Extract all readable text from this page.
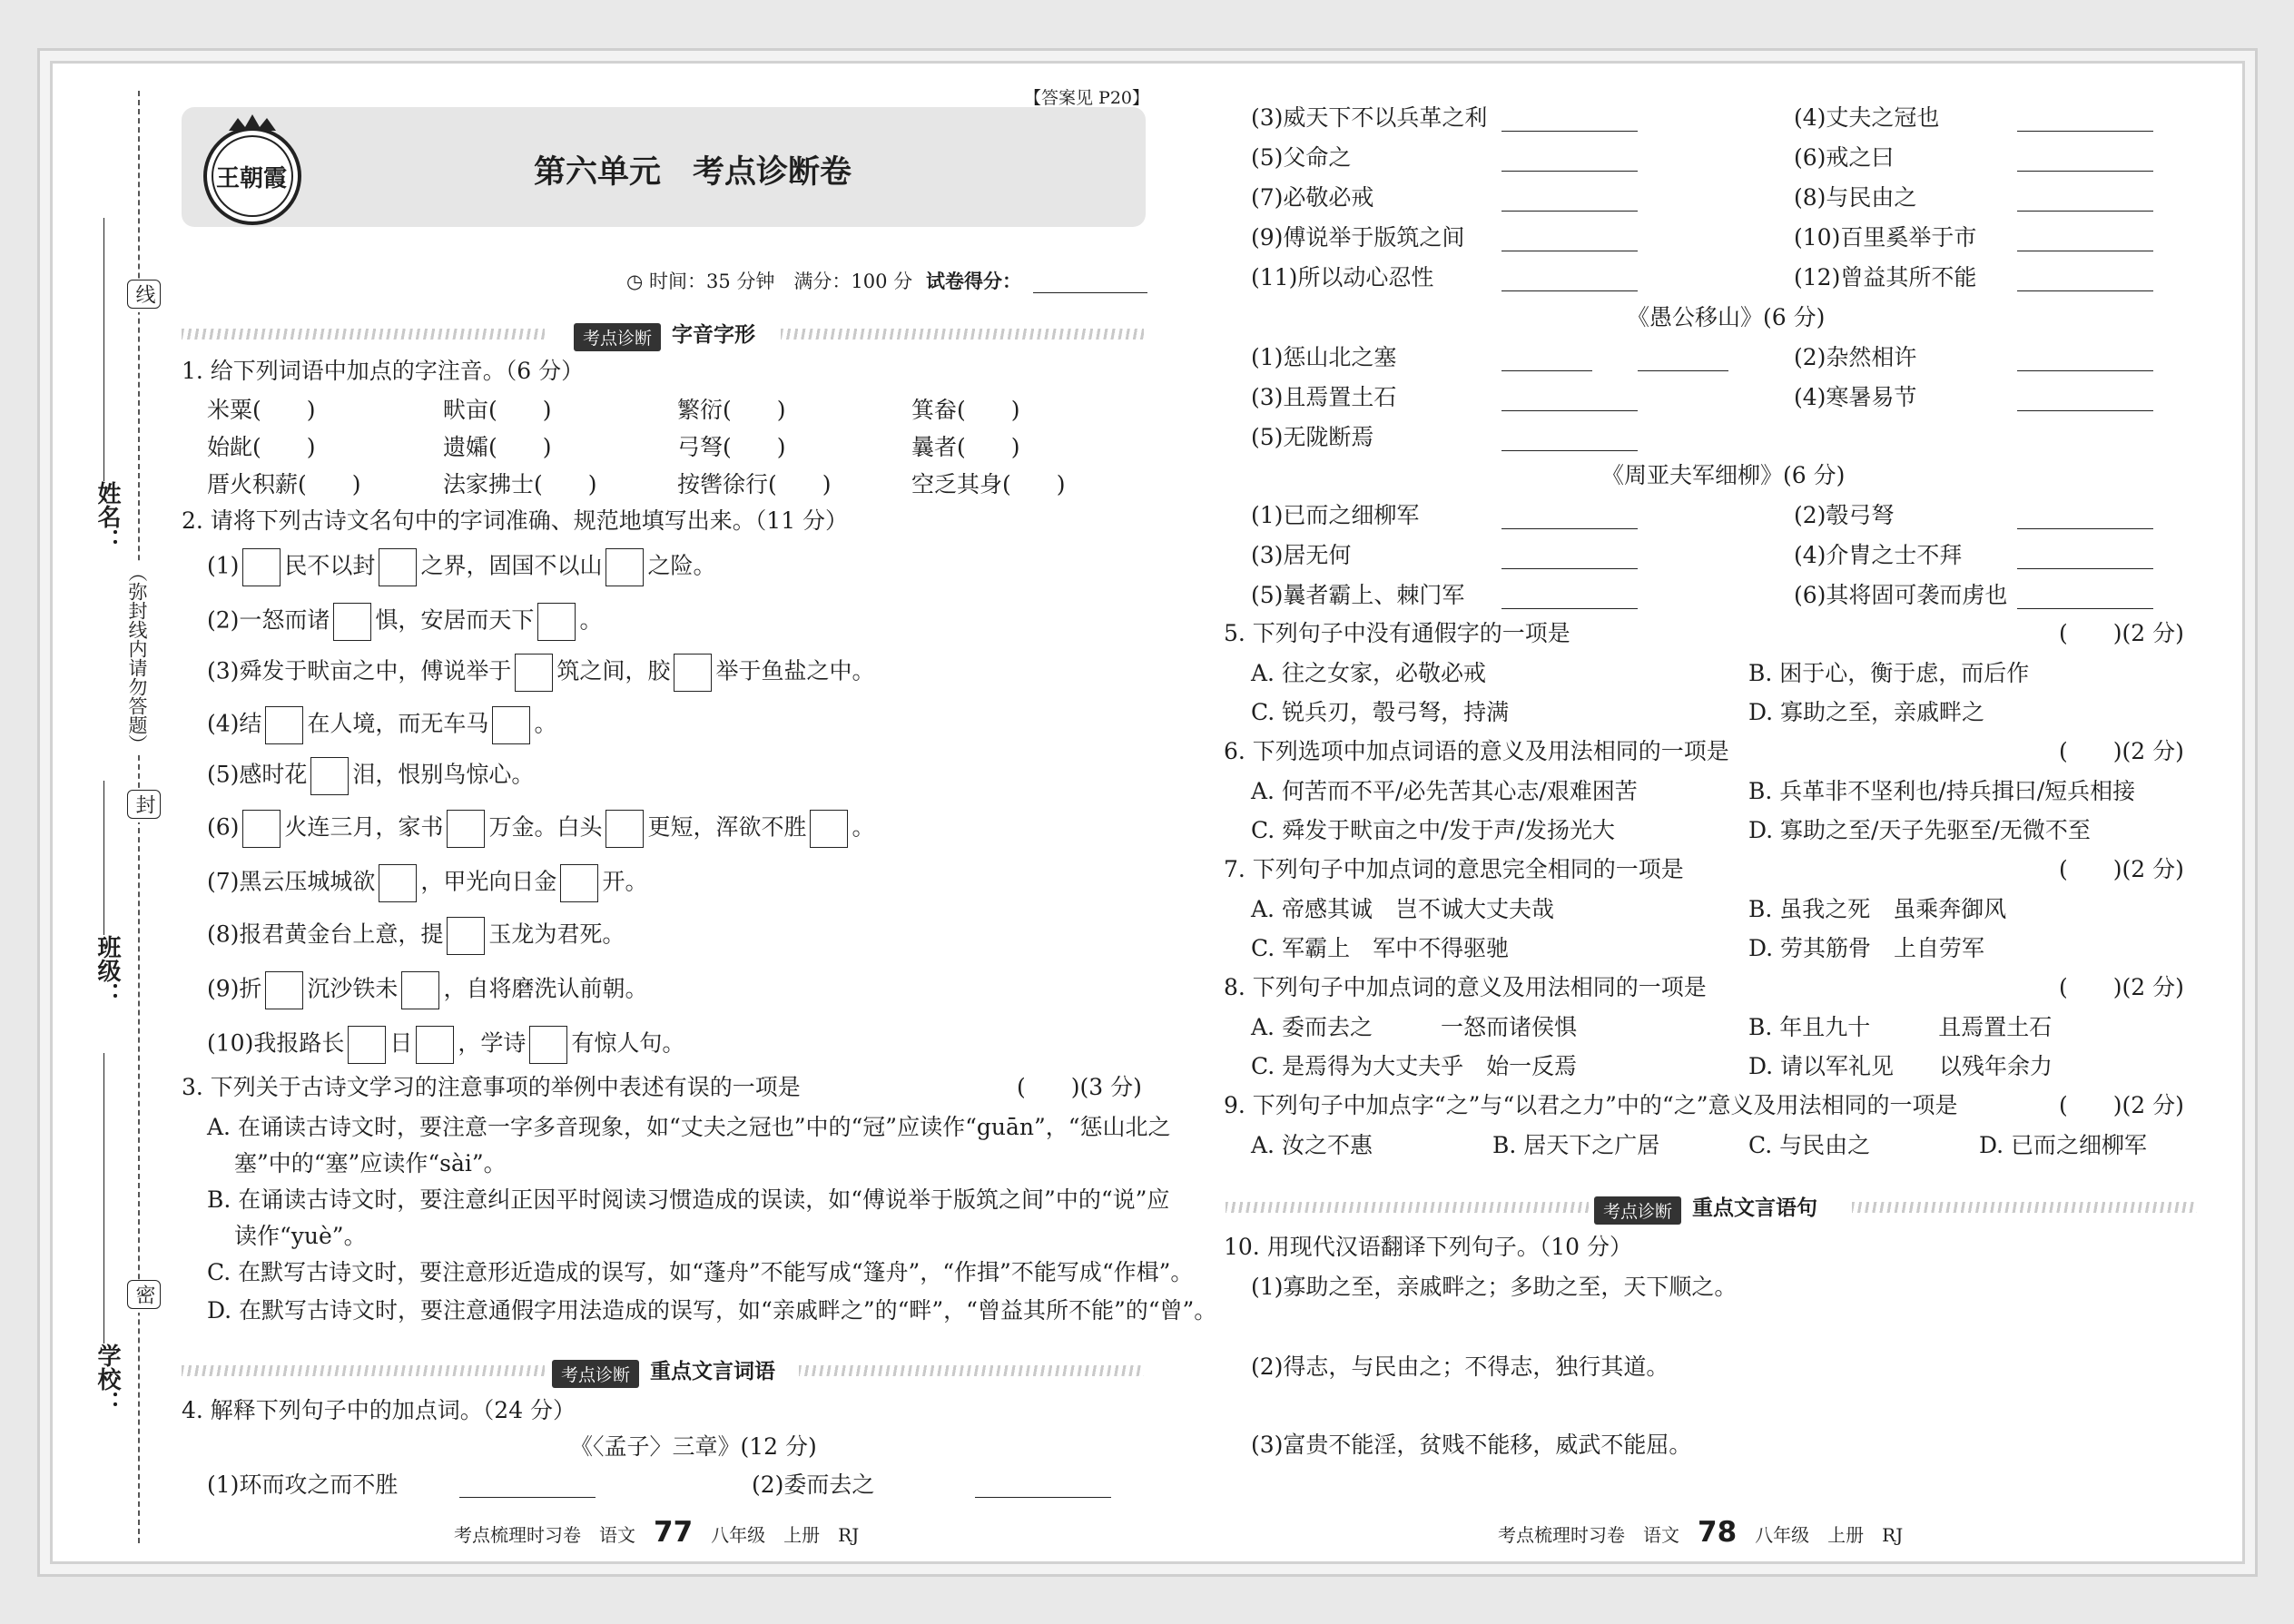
姓名：
班级：
学校：
线
（弥封线内请勿答题）
封
密
王朝霞
【答案见 P20】
第六单元　考点诊断卷
◷ 时间：35 分钟　满分：100 分 试卷得分：
考点诊断 字音字形
1. 给下列词语中加点的字注音。（6 分）
2. 请将下列古诗文名句中的字词准确、规范地填写出来。（11 分）
3. 下列关于古诗文学习的注意事项的举例中表述有误的一项是	(　　)(3 分)
A. 在诵读古诗文时，要注意一字多音现象，如“丈夫之冠也”中的“冠”应读作“guān”，“惩山北之
塞”中的“塞”应读作“sài”。
B. 在诵读古诗文时，要注意纠正因平时阅读习惯造成的误读，如“傅说举于版筑之间”中的“说”应
读作“yuè”。
C. 在默写古诗文时，要注意形近造成的误写，如“蓬舟”不能写成“篷舟”，“作揖”不能写成“作楫”。
D. 在默写古诗文时，要注意通假字用法造成的误写，如“亲戚畔之”的“畔”，“曾益其所不能”的“曾”。
考点诊断 重点文言词语
4. 解释下列句子中的加点词。（24 分）
《〈孟子〉三章》(12 分)
考点诊断 重点文言语句
10. 用现代汉语翻译下列句子。（10 分）
考点梳理时习卷　语文　 77　 八年级　上册　RJ	考点梳理时习卷　语文　 78　 八年级　上册　RJ
米粟(　　)	畎亩(　　)	繁衍(　　)	箕畚(　　)
始龀(　　)	遗孀(　　)	弓弩(　　)	曩者(　　)
厝火积薪(　　)	法家拂士(　　)	按辔徐行(　　)	空乏其身(　　)
(1) 民不以封 之界，固国不以山 之险。
(2)一怒而诸 惧，安居而天下 。
(3)舜发于畎亩之中，傅说举于 筑之间，胶 举于鱼盐之中。
(4)结 在人境，而无车马 。
(5)感时花 泪，恨别鸟惊心。
(6) 火连三月，家书 万金。白头 更短，浑欲不胜 。
(7)黑云压城城欲 ，甲光向日金 开。
(8)报君黄金台上意，提 玉龙为君死。
(9)折 沉沙铁未 ，自将磨洗认前朝。
(10)我报路长 日 ，学诗 有惊人句。
(1)环而攻之而不胜	(2)委而去之
(3)威天下不以兵革之利	(4)丈夫之冠也
(5)父命之	(6)戒之曰
(7)必敬必戒	(8)与民由之
(9)傅说举于版筑之间	(10)百里奚举于市
(11)所以动心忍性	(12)曾益其所不能
《愚公移山》(6 分)
(1)惩山北之塞	(2)杂然相许
(3)且焉置土石	(4)寒暑易节
(5)无陇断焉
《周亚夫军细柳》(6 分)
(1)已而之细柳军	(2)彀弓弩
(3)居无何	(4)介胄之士不拜
(5)曩者霸上、棘门军	(6)其将固可袭而虏也
5. 下列句子中没有通假字的一项是	(　　)(2 分)
A. 往之女家，必敬必戒	B. 困于心，衡于虑，而后作
C. 锐兵刃，彀弓弩，持满	D. 寡助之至，亲戚畔之
6. 下列选项中加点词语的意义及用法相同的一项是	(　　)(2 分)
A. 何苦而不平/必先苦其心志/艰难困苦	B. 兵革非不坚利也/持兵揖曰/短兵相接
C. 舜发于畎亩之中/发于声/发扬光大	D. 寡助之至/天子先驱至/无微不至
7. 下列句子中加点词的意思完全相同的一项是	(　　)(2 分)
A. 帝感其诚　岂不诚大丈夫哉	B. 虽我之死　虽乘奔御风
C. 军霸上　军中不得驱驰	D. 劳其筋骨　上自劳军
8. 下列句子中加点词的意义及用法相同的一项是	(　　)(2 分)
A. 委而去之　　　一怒而诸侯惧	B. 年且九十　　　且焉置土石
C. 是焉得为大丈夫乎　始一反焉	D. 请以军礼见　　以残年余力
9. 下列句子中加点字“之”与“以君之力”中的“之”意义及用法相同的一项是	(　　)(2 分)
A. 汝之不惠	B. 居天下之广居	C. 与民由之	D. 已而之细柳军
(1)寡助之至，亲戚畔之；多助之至，天下顺之。
(2)得志，与民由之；不得志，独行其道。
(3)富贵不能淫，贫贱不能移，威武不能屈。
